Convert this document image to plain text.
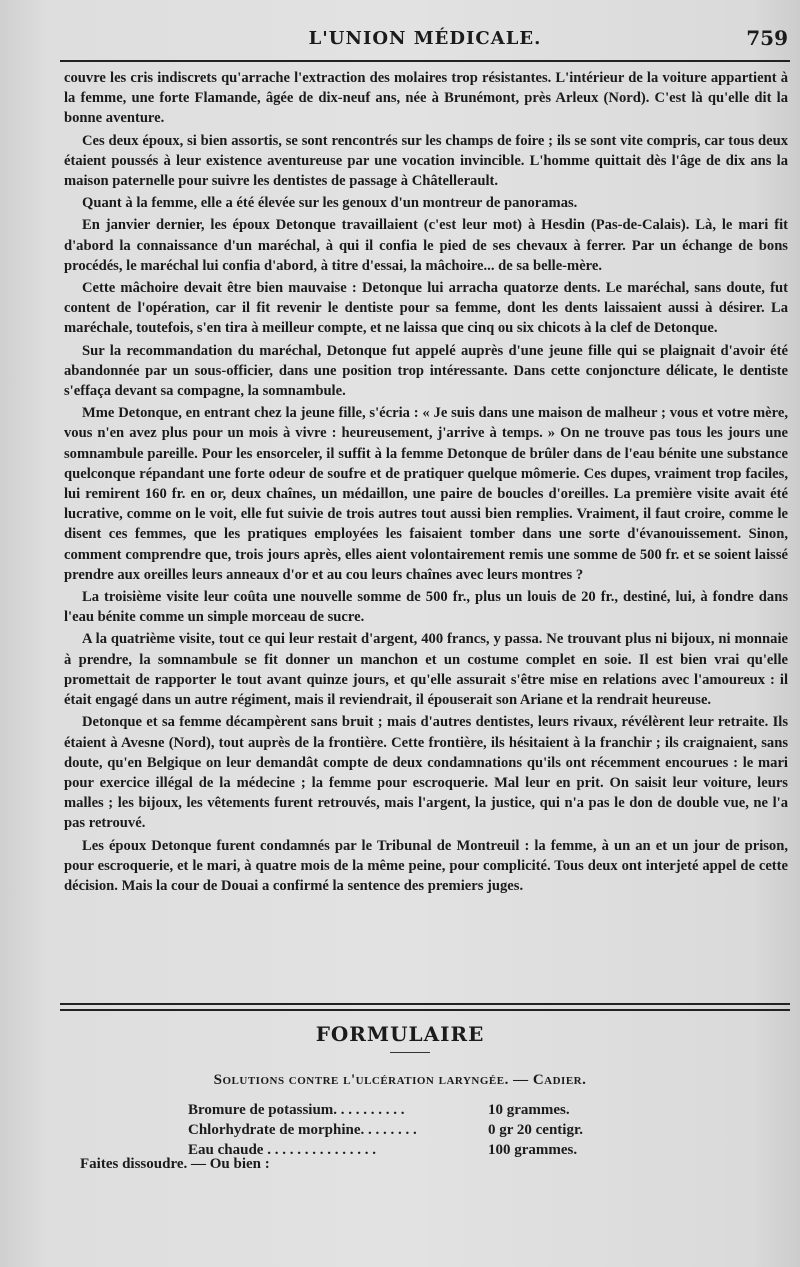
L'UNION MÉDICALE.	759

couvre les cris indiscrets qu'arrache l'extraction des molaires trop résistantes. L'intérieur de la voiture appartient à la femme, une forte Flamande, âgée de dix-neuf ans, née à Brunémont, près Arleux (Nord). C'est là qu'elle dit la bonne aventure.

Ces deux époux, si bien assortis, se sont rencontrés sur les champs de foire ; ils se sont vite compris, car tous deux étaient poussés à leur existence aventureuse par une vocation invincible. L'homme quittait dès l'âge de dix ans la maison paternelle pour suivre les dentistes de passage à Châtellerault.

Quant à la femme, elle a été élevée sur les genoux d'un montreur de panoramas.

En janvier dernier, les époux Detonque travaillaient (c'est leur mot) à Hesdin (Pas-de-Calais). Là, le mari fit d'abord la connaissance d'un maréchal, à qui il confia le pied de ses chevaux à ferrer. Par un échange de bons procédés, le maréchal lui confia d'abord, à titre d'essai, la mâchoire... de sa belle-mère.

Cette mâchoire devait être bien mauvaise : Detonque lui arracha quatorze dents. Le maréchal, sans doute, fut content de l'opération, car il fit revenir le dentiste pour sa femme, dont les dents laissaient aussi à désirer. La maréchale, toutefois, s'en tira à meilleur compte, et ne laissa que cinq ou six chicots à la clef de Detonque.

Sur la recommandation du maréchal, Detonque fut appelé auprès d'une jeune fille qui se plaignait d'avoir été abandonnée par un sous-officier, dans une position trop intéressante. Dans cette conjoncture délicate, le dentiste s'effaça devant sa compagne, la somnambule.

Mme Detonque, en entrant chez la jeune fille, s'écria : « Je suis dans une maison de malheur ; vous et votre mère, vous n'en avez plus pour un mois à vivre : heureusement, j'arrive à temps. » On ne trouve pas tous les jours une somnambule pareille. Pour les ensorceler, il suffit à la femme Detonque de brûler dans de l'eau bénite une substance quelconque répandant une forte odeur de soufre et de pratiquer quelque mômerie. Ces dupes, vraiment trop faciles, lui remirent 160 fr. en or, deux chaînes, un médaillon, une paire de boucles d'oreilles. La première visite avait été lucrative, comme on le voit, elle fut suivie de trois autres tout aussi bien remplies. Vraiment, il faut croire, comme le disent ces femmes, que les pratiques employées les faisaient tomber dans une sorte d'évanouissement. Sinon, comment comprendre que, trois jours après, elles aient volontairement remis une somme de 500 fr. et se soient laissé prendre aux oreilles leurs anneaux d'or et au cou leurs chaînes avec leurs montres ?

La troisième visite leur coûta une nouvelle somme de 500 fr., plus un louis de 20 fr., destiné, lui, à fondre dans l'eau bénite comme un simple morceau de sucre.

A la quatrième visite, tout ce qui leur restait d'argent, 400 francs, y passa. Ne trouvant plus ni bijoux, ni monnaie à prendre, la somnambule se fit donner un manchon et un costume complet en soie. Il est bien vrai qu'elle promettait de rapporter le tout avant quinze jours, et qu'elle assurait s'être mise en relations avec l'amoureux : il était engagé dans un autre régiment, mais il reviendrait, il épouserait son Ariane et la rendrait heureuse.

Detonque et sa femme décampèrent sans bruit ; mais d'autres dentistes, leurs rivaux, révélèrent leur retraite. Ils étaient à Avesne (Nord), tout auprès de la frontière. Cette frontière, ils hésitaient à la franchir ; ils craignaient, sans doute, qu'en Belgique on leur demandât compte de deux condamnations qu'ils ont récemment encourues : le mari pour exercice illégal de la médecine ; la femme pour escroquerie. Mal leur en prit. On saisit leur voiture, leurs malles ; les bijoux, les vêtements furent retrouvés, mais l'argent, la justice, qui n'a pas le don de double vue, ne l'a pas retrouvé.

Les époux Detonque furent condamnés par le Tribunal de Montreuil : la femme, à un an et un jour de prison, pour escroquerie, et le mari, à quatre mois de la même peine, pour complicité. Tous deux ont interjeté appel de cette décision. Mais la cour de Douai a confirmé la sentence des premiers juges.

FORMULAIRE
Solutions contre l'ulcération laryngée. — Cadier.
Bromure de potassium. . . . . . . . . .	10 grammes.
Chlorhydrate de morphine. . . . . . . .	0 gr 20 centigr.
Eau chaude . . . . . . . . . . . . . . .	100 grammes.
Faites dissoudre. — Ou bien :
